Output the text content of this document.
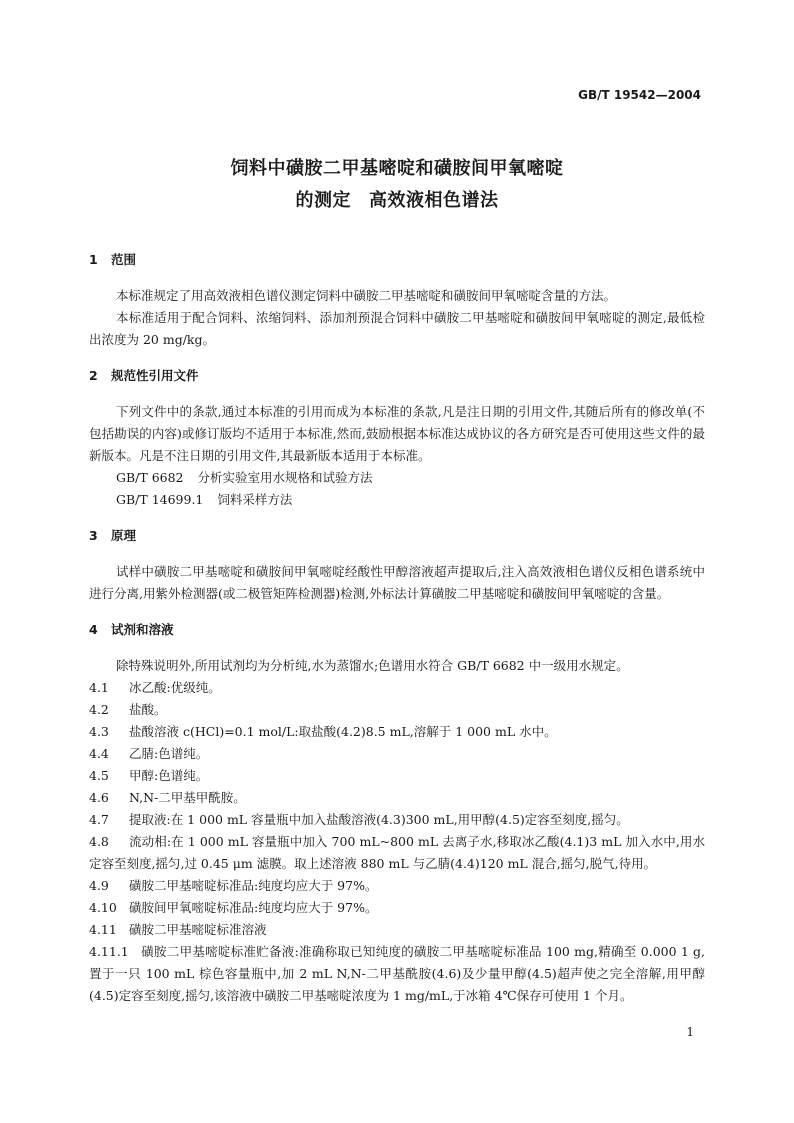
GB/T 19542—2004
饲料中磺胺二甲基嘧啶和磺胺间甲氧嘧啶
的测定 高效液相色谱法
1 范围

本标准规定了用高效液相色谱仪测定饲料中磺胺二甲基嘧啶和磺胺间甲氧嘧啶含量的方法。

本标准适用于配合饲料、浓缩饲料、添加剂预混合饲料中磺胺二甲基嘧啶和磺胺间甲氧嘧啶的测定,最低检出浓度为 20 mg/kg。

2 规范性引用文件

下列文件中的条款,通过本标准的引用而成为本标准的条款,凡是注日期的引用文件,其随后所有的修改单(不包括勘误的内容)或修订版均不适用于本标准,然而,鼓励根据本标准达成协议的各方研究是否可使用这些文件的最新版本。凡是不注日期的引用文件,其最新版本适用于本标准。

GB/T 6682 分析实验室用水规格和试验方法

GB/T 14699.1 饲料采样方法

3 原理

试样中磺胺二甲基嘧啶和磺胺间甲氧嘧啶经酸性甲醇溶液超声提取后,注入高效液相色谱仪反相色谱系统中进行分离,用紫外检测器(或二极管矩阵检测器)检测,外标法计算磺胺二甲基嘧啶和磺胺间甲氧嘧啶的含量。

4 试剂和溶液

除特殊说明外,所用试剂均为分析纯,水为蒸馏水;色谱用水符合 GB/T 6682 中一级用水规定。

4.1 冰乙酸:优级纯。

4.2 盐酸。

4.3 盐酸溶液 c(HCl)=0.1 mol/L:取盐酸(4.2)8.5 mL,溶解于 1 000 mL 水中。

4.4 乙腈:色谱纯。

4.5 甲醇:色谱纯。

4.6 N,N-二甲基甲酰胺。

4.7 提取液:在 1 000 mL 容量瓶中加入盐酸溶液(4.3)300 mL,用甲醇(4.5)定容至刻度,摇匀。

4.8 流动相:在 1 000 mL 容量瓶中加入 700 mL~800 mL 去离子水,移取冰乙酸(4.1)3 mL 加入水中,用水定容至刻度,摇匀,过 0.45 μm 滤膜。取上述溶液 880 mL 与乙腈(4.4)120 mL 混合,摇匀,脱气,待用。

4.9 磺胺二甲基嘧啶标准品:纯度均应大于 97%。

4.10 磺胺间甲氧嘧啶标准品:纯度均应大于 97%。

4.11 磺胺二甲基嘧啶标准溶液

4.11.1 磺胺二甲基嘧啶标准贮备液:准确称取已知纯度的磺胺二甲基嘧啶标准品 100 mg,精确至 0.000 1 g,置于一只 100 mL 棕色容量瓶中,加 2 mL N,N-二甲基酰胺(4.6)及少量甲醇(4.5)超声使之完全溶解,用甲醇(4.5)定容至刻度,摇匀,该溶液中磺胺二甲基嘧啶浓度为 1 mg/mL,于冰箱 4℃保存可使用 1 个月。

1
